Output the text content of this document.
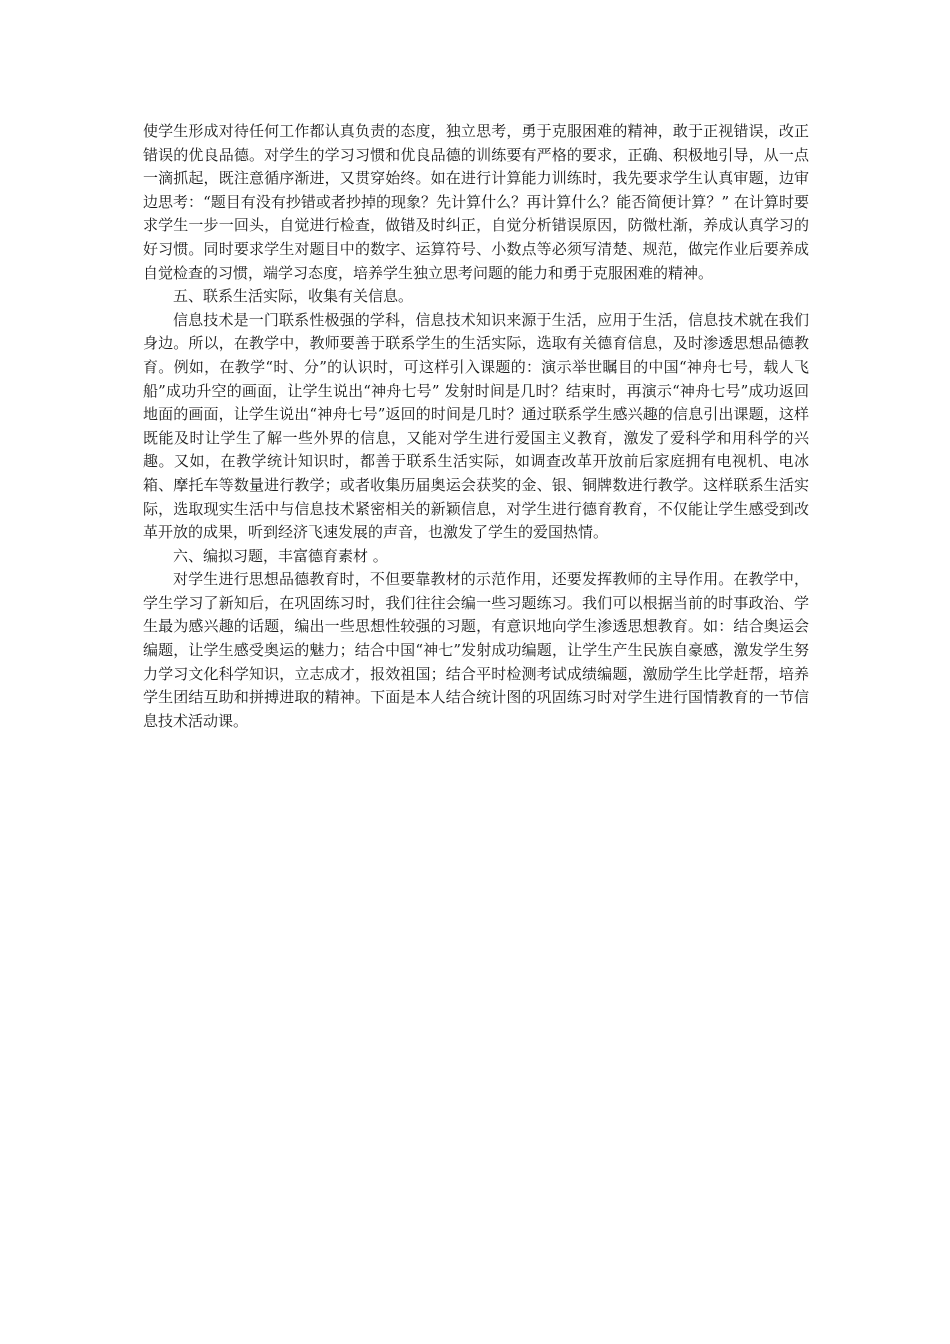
使学生形成对待任何工作都认真负责的态度，独立思考，勇于克服困难的精神，敢于正视错误，改正错误的优良品德。对学生的学习习惯和优良品德的训练要有严格的要求，正确、积极地引导，从一点一滴抓起，既注意循序渐进，又贯穿始终。如在进行计算能力训练时，我先要求学生认真审题，边审边思考：“题目有没有抄错或者抄掉的现象？先计算什么？再计算什么？能否简便计算？” 在计算时要求学生一步一回头，自觉进行检查，做错及时纠正，自觉分析错误原因，防微杜渐，养成认真学习的好习惯。同时要求学生对题目中的数字、运算符号、小数点等必须写清楚、规范，做完作业后要养成自觉检查的习惯，端学习态度，培养学生独立思考问题的能力和勇于克服困难的精神。

五、联系生活实际，收集有关信息。

信息技术是一门联系性极强的学科，信息技术知识来源于生活，应用于生活，信息技术就在我们身边。所以，在教学中，教师要善于联系学生的生活实际，选取有关德育信息，及时渗透思想品德教育。例如，在教学“时、分”的认识时，可这样引入课题的：演示举世瞩目的中国“神舟七号，载人飞船”成功升空的画面，让学生说出“神舟七号” 发射时间是几时？结束时，再演示“神舟七号”成功返回地面的画面，让学生说出“神舟七号”返回的时间是几时？通过联系学生感兴趣的信息引出课题，这样既能及时让学生了解一些外界的信息，又能对学生进行爱国主义教育，激发了爱科学和用科学的兴趣。又如，在教学统计知识时，都善于联系生活实际，如调查改革开放前后家庭拥有电视机、电冰箱、摩托车等数量进行教学；或者收集历届奥运会获奖的金、银、铜牌数进行教学。这样联系生活实际，选取现实生活中与信息技术紧密相关的新颖信息，对学生进行德育教育，不仅能让学生感受到改革开放的成果，听到经济飞速发展的声音，也激发了学生的爱国热情。

六、编拟习题，丰富德育素材 。

对学生进行思想品德教育时，不但要靠教材的示范作用，还要发挥教师的主导作用。在教学中，学生学习了新知后，在巩固练习时，我们往往会编一些习题练习。我们可以根据当前的时事政治、学生最为感兴趣的话题，编出一些思想性较强的习题，有意识地向学生渗透思想教育。如：结合奥运会编题，让学生感受奥运的魅力；结合中国“神七”发射成功编题，让学生产生民族自豪感，激发学生努力学习文化科学知识，立志成才，报效祖国；结合平时检测考试成绩编题，激励学生比学赶帮，培养学生团结互助和拼搏进取的精神。下面是本人结合统计图的巩固练习时对学生进行国情教育的一节信息技术活动课。
